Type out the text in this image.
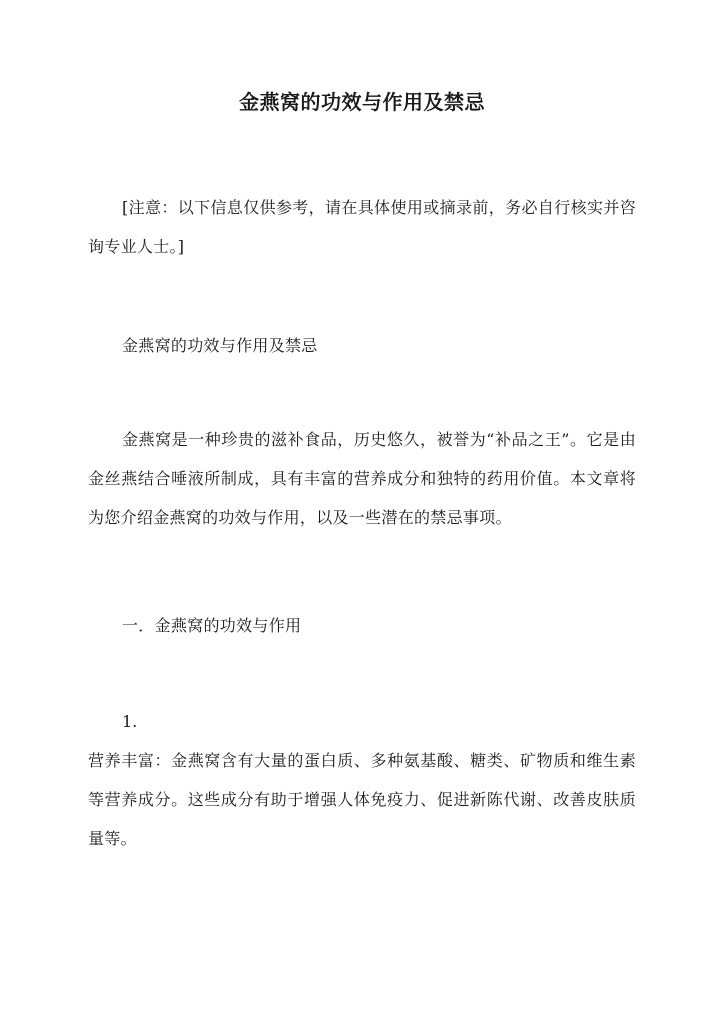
金燕窝的功效与作用及禁忌
[注意：以下信息仅供参考，请在具体使用或摘录前，务必自行核实并咨询专业人士。]
金燕窝的功效与作用及禁忌
金燕窝是一种珍贵的滋补食品，历史悠久，被誉为“补品之王”。它是由金丝燕结合唾液所制成，具有丰富的营养成分和独特的药用价值。本文章将为您介绍金燕窝的功效与作用，以及一些潜在的禁忌事项。
一．金燕窝的功效与作用
1.
营养丰富：金燕窝含有大量的蛋白质、多种氨基酸、糖类、矿物质和维生素等营养成分。这些成分有助于增强人体免疫力、促进新陈代谢、改善皮肤质量等。
